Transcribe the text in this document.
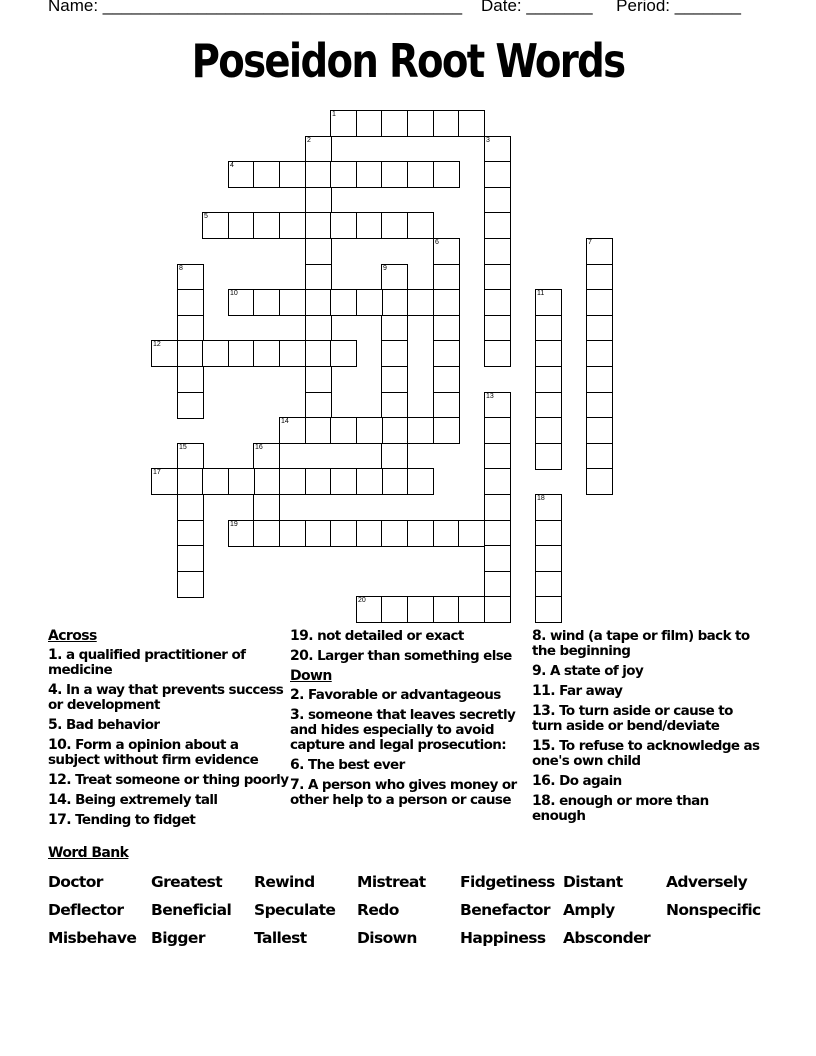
Name: ______________________________________ Date: _______ Period: _______
Poseidon Root Words
1
2	3
4
5
6	7
8	9
10	11
12
13
14
15	16
17
18
19
20
Across
1. a qualified practitioner of medicine
4. In a way that prevents success or development
5. Bad behavior
10. Form a opinion about a subject without firm evidence
12. Treat someone or thing poorly
14. Being extremely tall
17. Tending to fidget
19. not detailed or exact
20. Larger than something else
Down
2. Favorable or advantageous
3. someone that leaves secretly and hides especially to avoid capture and legal prosecution:
6. The best ever
7. A person who gives money or other help to a person or cause
8. wind (a tape or film) back to the beginning
9. A state of joy
11. Far away
13. To turn aside or cause to turn aside or bend/deviate
15. To refuse to acknowledge as one's own child
16. Do again
18. enough or more than enough
Word Bank
Doctor	Greatest Rewind	Mistreat Fidgetiness Distant	Adversely
Deflector Beneficial Speculate Redo	Benefactor Amply	Nonspecific
Misbehave Bigger	Tallest	Disown	Happiness Absconder
